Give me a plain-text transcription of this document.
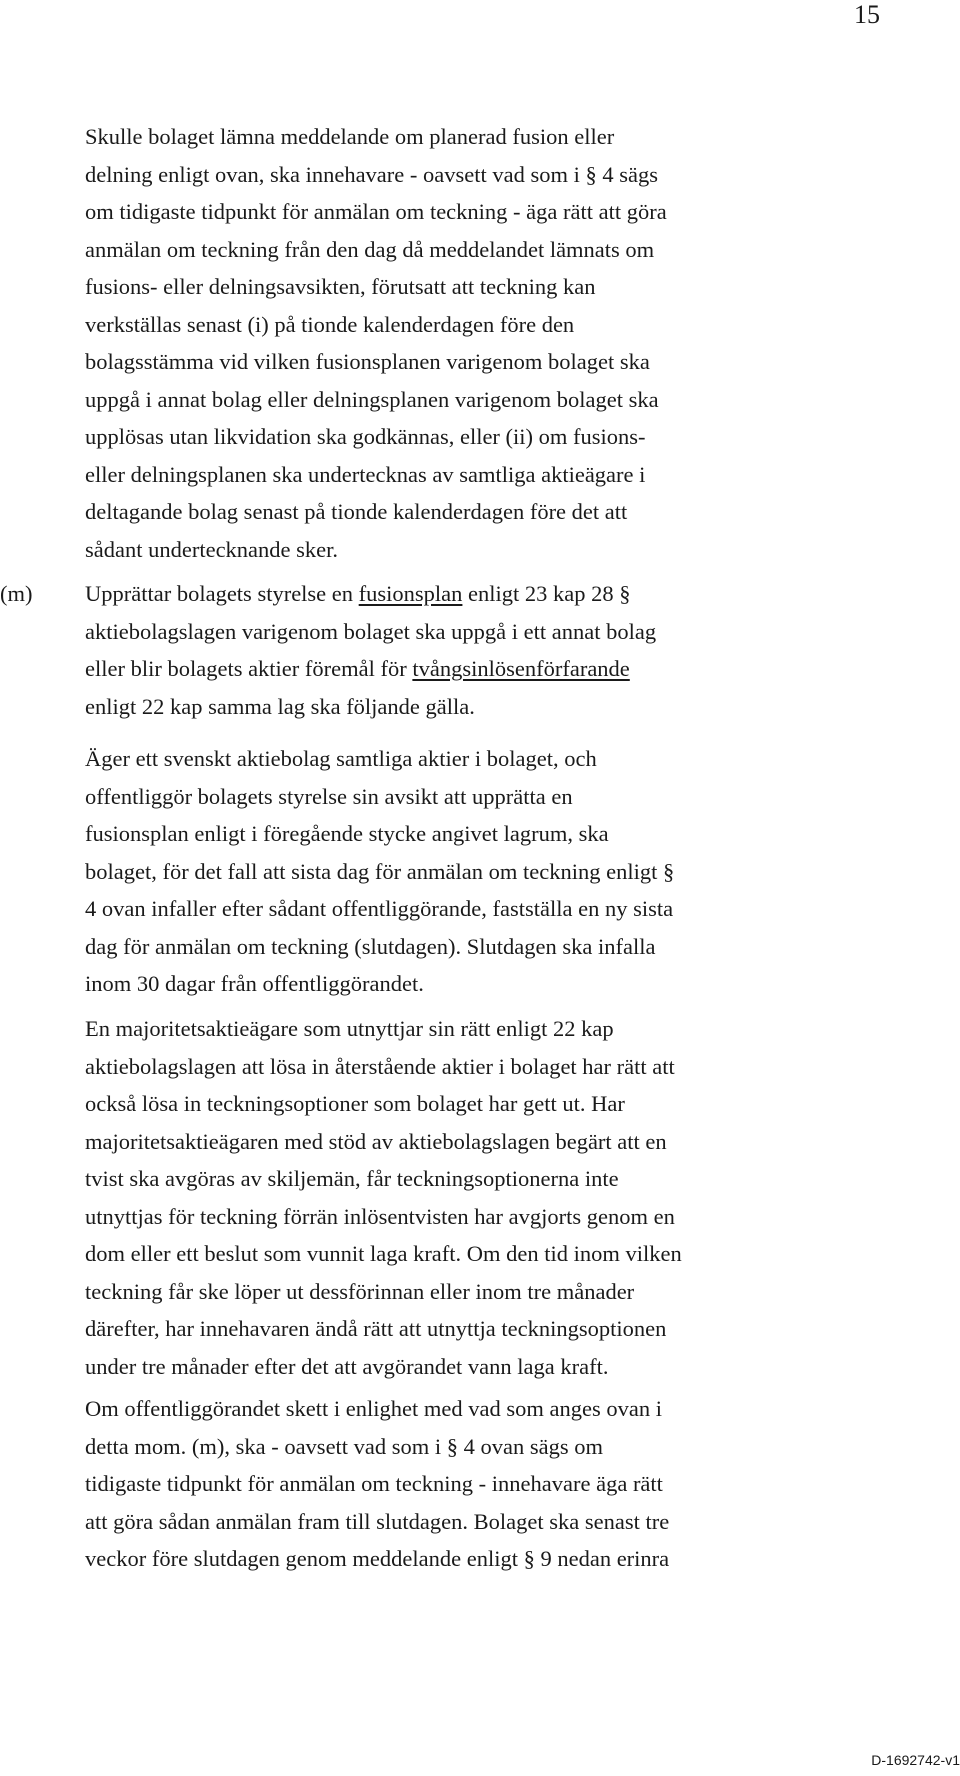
15
Skulle bolaget lämna meddelande om planerad fusion eller
delning enligt ovan, ska innehavare - oavsett vad som i § 4 sägs
om tidigaste tidpunkt för anmälan om teckning - äga rätt att göra
anmälan om teckning från den dag då meddelandet lämnats om
fusions- eller delningsavsikten, förutsatt att teckning kan
verkställas senast (i) på tionde kalenderdagen före den
bolagsstämma vid vilken fusionsplanen varigenom bolaget ska
uppgå i annat bolag eller delningsplanen varigenom bolaget ska
upplösas utan likvidation ska godkännas, eller (ii) om fusions-
eller delningsplanen ska undertecknas av samtliga aktieägare i
deltagande bolag senast på tionde kalenderdagen före det att
sådant undertecknande sker.
(m) Upprättar bolagets styrelse en fusionsplan enligt 23 kap 28 §
aktiebolagslagen varigenom bolaget ska uppgå i ett annat bolag
eller blir bolagets aktier föremål för tvångsinlösenförfarande
enligt 22 kap samma lag ska följande gälla.
Äger ett svenskt aktiebolag samtliga aktier i bolaget, och
offentliggör bolagets styrelse sin avsikt att upprätta en
fusionsplan enligt i föregående stycke angivet lagrum, ska
bolaget, för det fall att sista dag för anmälan om teckning enligt §
4 ovan infaller efter sådant offentliggörande, fastställa en ny sista
dag för anmälan om teckning (slutdagen). Slutdagen ska infalla
inom 30 dagar från offentliggörandet.
En majoritetsaktieägare som utnyttjar sin rätt enligt 22 kap
aktiebolagslagen att lösa in återstående aktier i bolaget har rätt att
också lösa in teckningsoptioner som bolaget har gett ut. Har
majoritetsaktieägaren med stöd av aktiebolagslagen begärt att en
tvist ska avgöras av skiljemän, får teckningsoptionerna inte
utnyttjas för teckning förrän inlösentvisten har avgjorts genom en
dom eller ett beslut som vunnit laga kraft. Om den tid inom vilken
teckning får ske löper ut dessförinnan eller inom tre månader
därefter, har innehavaren ändå rätt att utnyttja teckningsoptionen
under tre månader efter det att avgörandet vann laga kraft.
Om offentliggörandet skett i enlighet med vad som anges ovan i
detta mom. (m), ska - oavsett vad som i § 4 ovan sägs om
tidigaste tidpunkt för anmälan om teckning - innehavare äga rätt
att göra sådan anmälan fram till slutdagen. Bolaget ska senast tre
veckor före slutdagen genom meddelande enligt § 9 nedan erinra
D-1692742-v1
